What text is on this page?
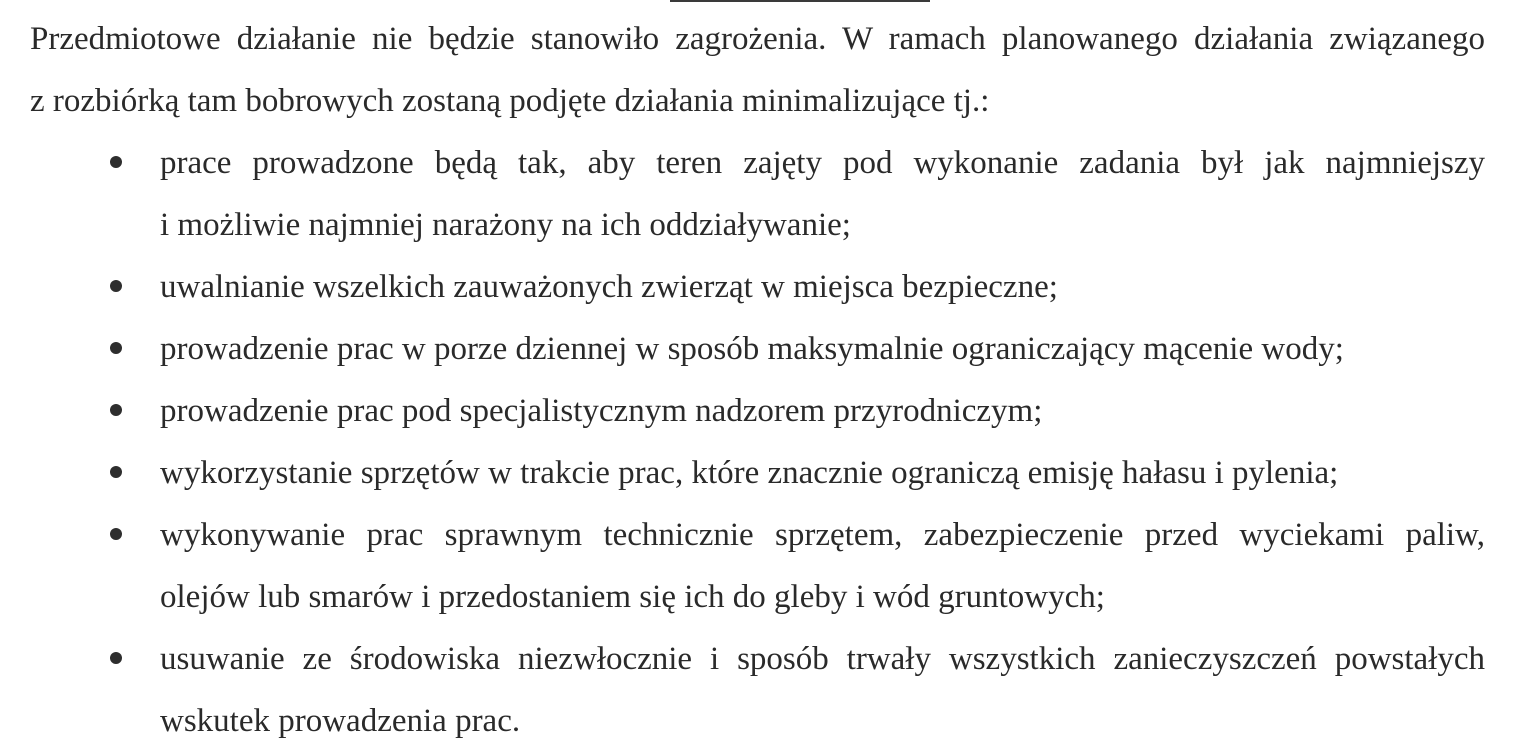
Przedmiotowe działanie nie będzie stanowiło zagrożenia. W ramach planowanego działania związanego
z rozbiórką tam bobrowych zostaną podjęte działania minimalizujące tj.:

prace prowadzone będą tak, aby teren zajęty pod wykonanie zadania był jak najmniejszy
i możliwie najmniej narażony na ich oddziaływanie;
uwalnianie wszelkich zauważonych zwierząt w miejsca bezpieczne;
prowadzenie prac w porze dziennej w sposób maksymalnie ograniczający mącenie wody;
prowadzenie prac pod specjalistycznym nadzorem przyrodniczym;
wykorzystanie sprzętów w trakcie prac, które znacznie ograniczą emisję hałasu i pylenia;
wykonywanie prac sprawnym technicznie sprzętem, zabezpieczenie przed wyciekami paliw,
olejów lub smarów i przedostaniem się ich do gleby i wód gruntowych;
usuwanie ze środowiska niezwłocznie i sposób trwały wszystkich zanieczyszczeń powstałych
wskutek prowadzenia prac.
